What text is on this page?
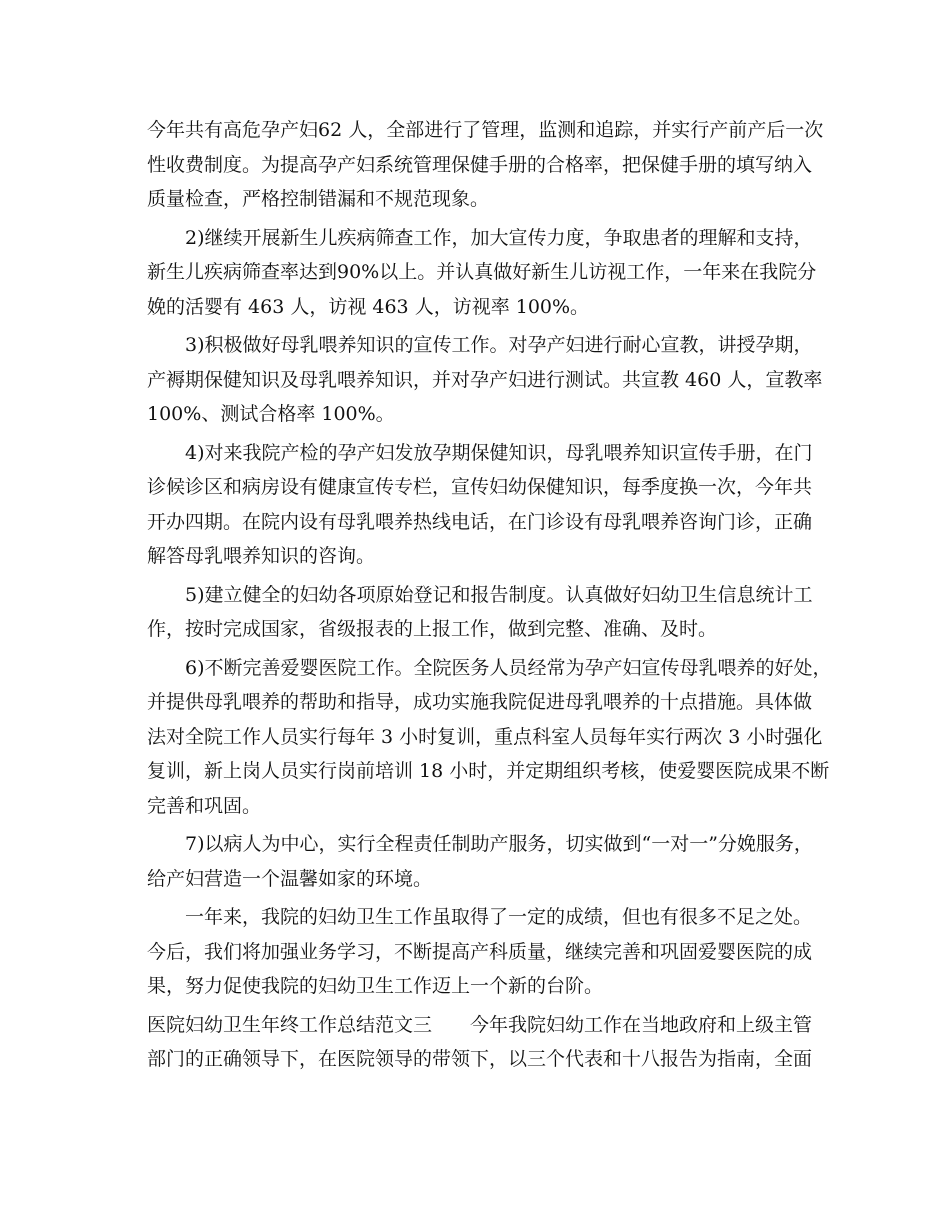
今年共有高危孕产妇62 人，全部进行了管理，监测和追踪，并实行产前产后一次
性收费制度。为提高孕产妇系统管理保健手册的合格率，把保健手册的填写纳入
质量检查，严格控制错漏和不规范现象。
2)继续开展新生儿疾病筛查工作，加大宣传力度，争取患者的理解和支持，
新生儿疾病筛查率达到90%以上。并认真做好新生儿访视工作，一年来在我院分
娩的活婴有 463 人，访视 463 人，访视率 100%。
3)积极做好母乳喂养知识的宣传工作。对孕产妇进行耐心宣教，讲授孕期，
产褥期保健知识及母乳喂养知识，并对孕产妇进行测试。共宣教 460 人，宣教率
100%、测试合格率 100%。
4)对来我院产检的孕产妇发放孕期保健知识，母乳喂养知识宣传手册，在门
诊候诊区和病房设有健康宣传专栏，宣传妇幼保健知识，每季度换一次，今年共
开办四期。在院内设有母乳喂养热线电话，在门诊设有母乳喂养咨询门诊，正确
解答母乳喂养知识的咨询。
5)建立健全的妇幼各项原始登记和报告制度。认真做好妇幼卫生信息统计工
作，按时完成国家，省级报表的上报工作，做到完整、准确、及时。
6)不断完善爱婴医院工作。全院医务人员经常为孕产妇宣传母乳喂养的好处，
并提供母乳喂养的帮助和指导，成功实施我院促进母乳喂养的十点措施。具体做
法对全院工作人员实行每年 3 小时复训，重点科室人员每年实行两次 3 小时强化
复训，新上岗人员实行岗前培训 18 小时，并定期组织考核，使爱婴医院成果不断
完善和巩固。
7)以病人为中心，实行全程责任制助产服务，切实做到“一对一”分娩服务，
给产妇营造一个温馨如家的环境。
一年来，我院的妇幼卫生工作虽取得了一定的成绩，但也有很多不足之处。
今后，我们将加强业务学习，不断提高产科质量，继续完善和巩固爱婴医院的成
果，努力促使我院的妇幼卫生工作迈上一个新的台阶。
医院妇幼卫生年终工作总结范文三 今年我院妇幼工作在当地政府和上级主管
部门的正确领导下，在医院领导的带领下，以三个代表和十八报告为指南，全面
